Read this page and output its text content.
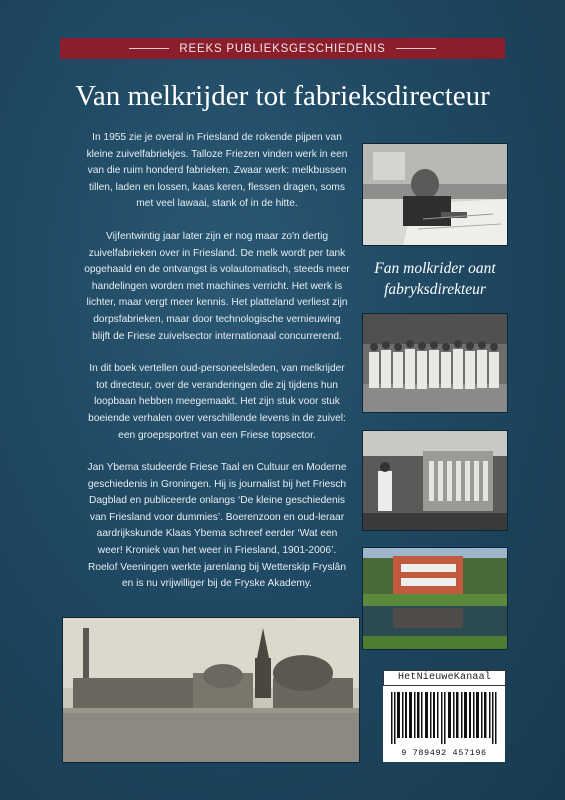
REEKS PUBLIEKSGESCHIEDENIS
Van melkrijder tot fabrieksdirecteur

In 1955 zie je overal in Friesland de rokende pijpen van kleine zuivelfabriekjes. Talloze Friezen vinden werk in een van die ruim honderd fabrieken. Zwaar werk: melkbussen tillen, laden en lossen, kaas keren, flessen dragen, soms met veel lawaai, stank of in de hitte.

Vijfentwintig jaar later zijn er nog maar zo'n dertig zuivelfabrieken over in Friesland. De melk wordt per tank opgehaald en de ontvangst is volautomatisch, steeds meer handelingen worden met machines verricht. Het werk is lichter, maar vergt meer kennis. Het platteland verliest zijn dorpsfabrieken, maar door technologische vernieuwing blijft de Friese zuivelsector internationaal concurrerend.

In dit boek vertellen oud-personeelsleden, van melkrijder tot directeur, over de veranderingen die zij tijdens hun loopbaan hebben meegemaakt. Het zijn stuk voor stuk boeiende verhalen over verschillende levens in de zuivel: een groepsportret van een Friese topsector.

Jan Ybema studeerde Friese Taal en Cultuur en Moderne geschiedenis in Groningen. Hij is journalist bij het Friesch Dagblad en publiceerde onlangs ‘De kleine geschiedenis van Friesland voor dummies’. Boerenzoon en oud-leraar aardrijkskunde Klaas Ybema schreef eerder ‘Wat een weer! Kroniek van het weer in Friesland, 1901-2006’. Roelof Veeningen werkte jarenlang bij Wetterskip Fryslân en is nu vrijwilliger bij de Fryske Akademy.

Fan molkrider oant
fabryksdirekteur
HetNieuweKanaal
9 789492 457196
